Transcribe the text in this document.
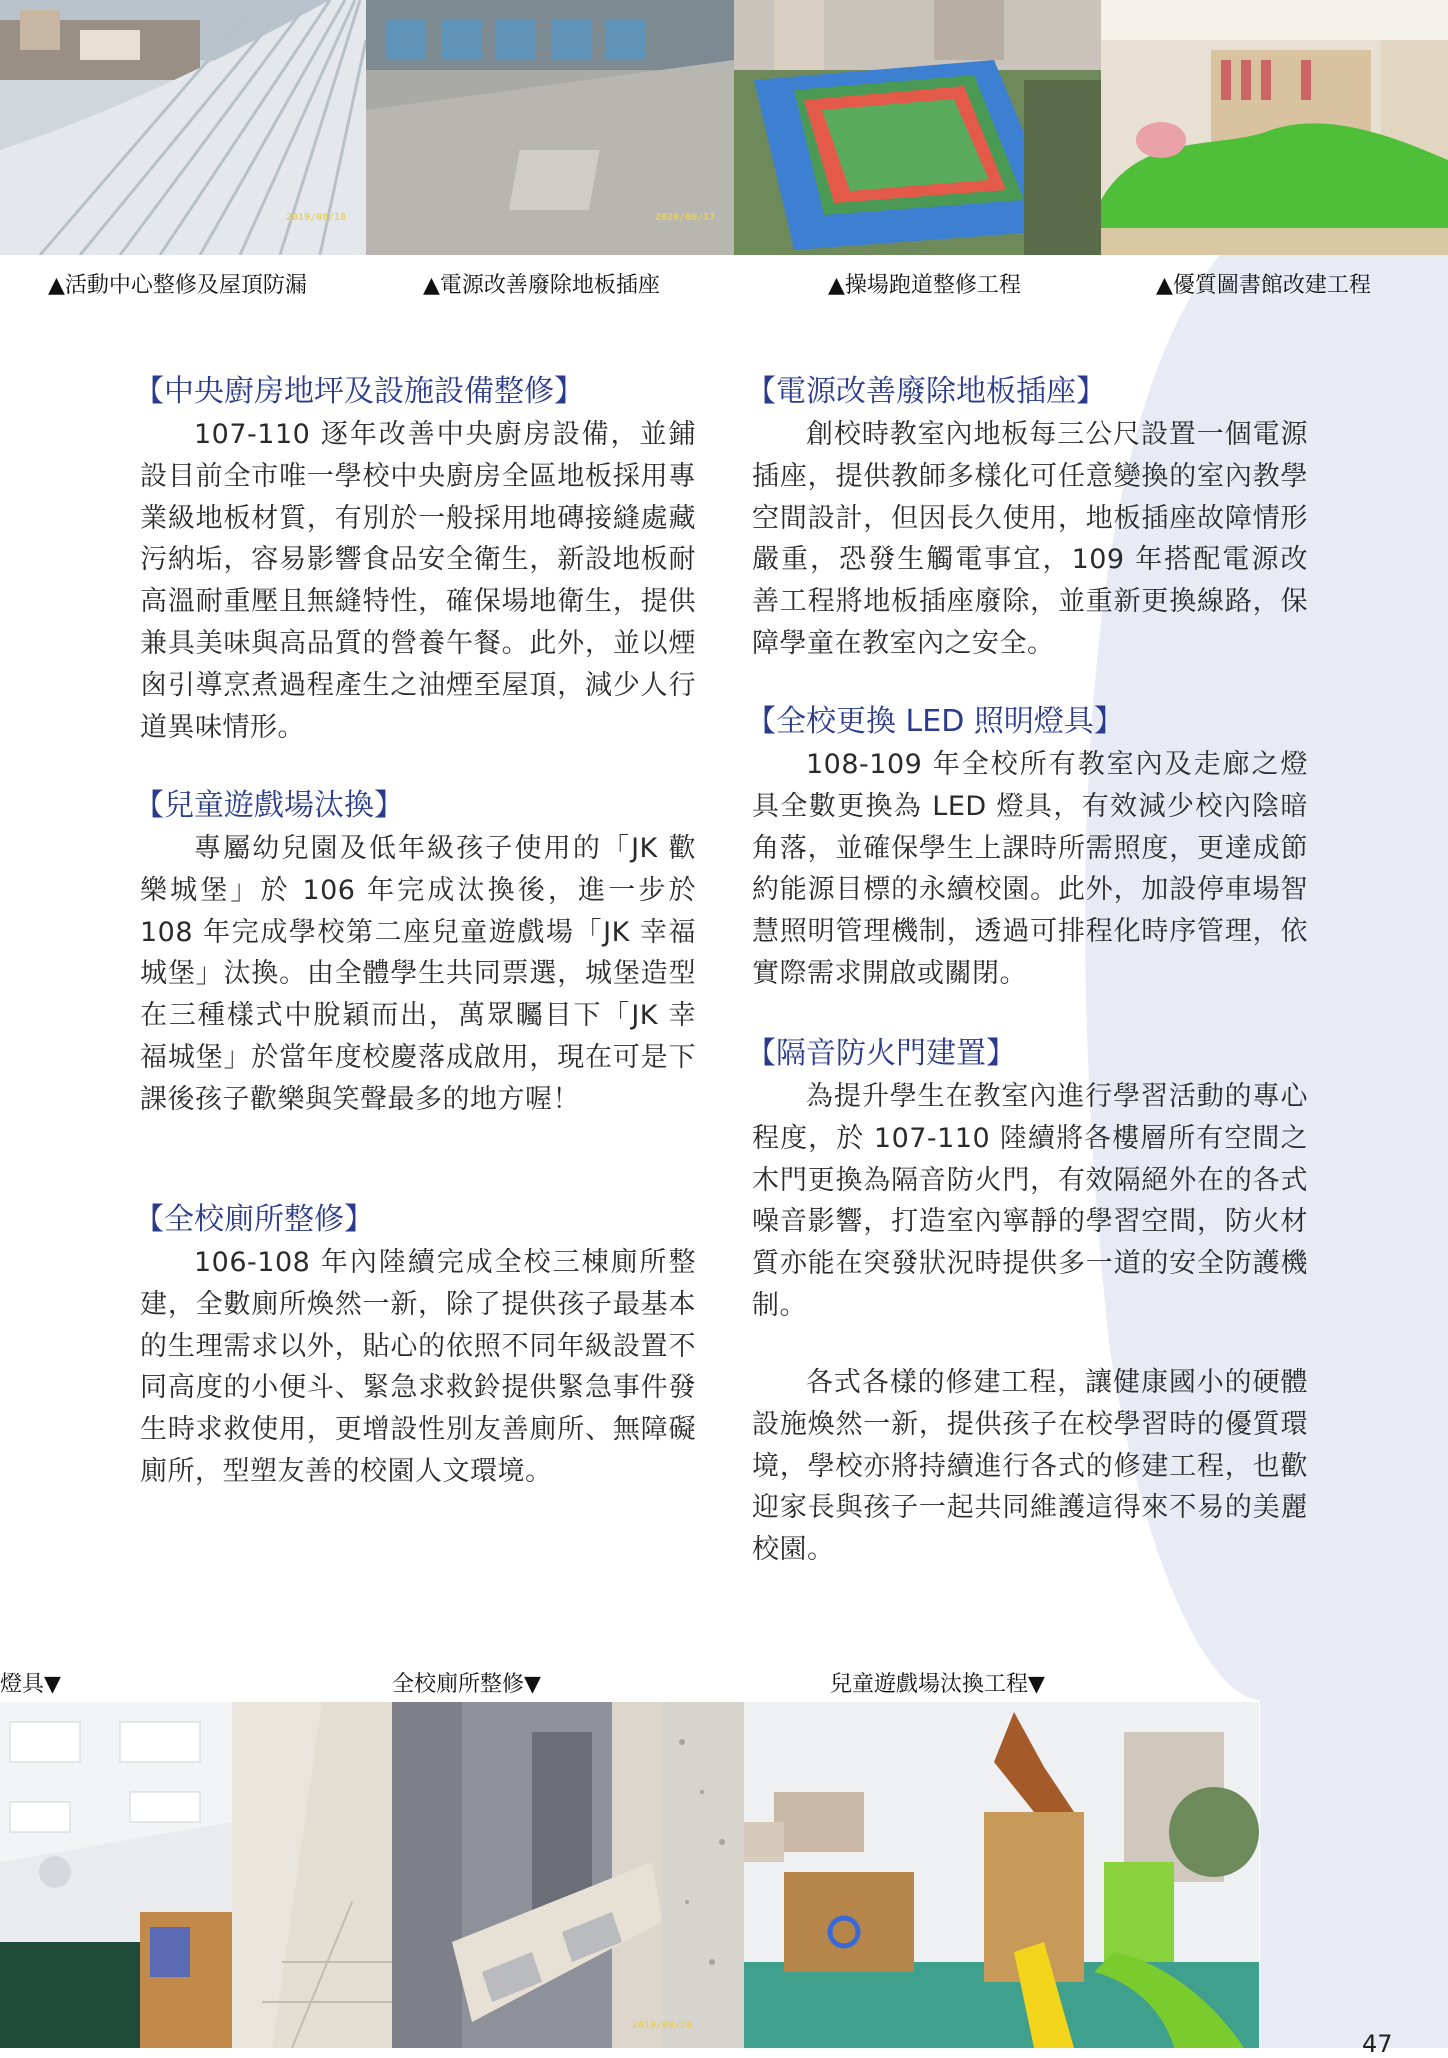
2019/08/18	2020/06/17
▲活動中心整修及屋頂防漏	▲電源改善廢除地板插座	▲操場跑道整修工程	▲優質圖書館改建工程
【中央廚房地坪及設施設備整修】

107-110 逐年改善中央廚房設備，並鋪設目前全市唯一學校中央廚房全區地板採用專業級地板材質，有別於一般採用地磚接縫處藏污納垢，容易影響食品安全衛生，新設地板耐高溫耐重壓且無縫特性，確保場地衛生，提供兼具美味與高品質的營養午餐。此外，並以煙囪引導烹煮過程產生之油煙至屋頂，減少人行道異味情形。

【兒童遊戲場汰換】

專屬幼兒園及低年級孩子使用的「JK 歡樂城堡」於 106 年完成汰換後，進一步於 108 年完成學校第二座兒童遊戲場「JK 幸福城堡」汰換。由全體學生共同票選，城堡造型在三種樣式中脫穎而出，萬眾矚目下「JK 幸福城堡」於當年度校慶落成啟用，現在可是下課後孩子歡樂與笑聲最多的地方喔！

【全校廁所整修】

106-108 年內陸續完成全校三棟廁所整建，全數廁所煥然一新，除了提供孩子最基本的生理需求以外，貼心的依照不同年級設置不同高度的小便斗、緊急求救鈴提供緊急事件發生時求救使用，更增設性別友善廁所、無障礙廁所，型塑友善的校園人文環境。

【電源改善廢除地板插座】

創校時教室內地板每三公尺設置一個電源插座，提供教師多樣化可任意變換的室內教學空間設計，但因長久使用，地板插座故障情形嚴重，恐發生觸電事宜，109 年搭配電源改善工程將地板插座廢除，並重新更換線路，保障學童在教室內之安全。

【全校更換 LED 照明燈具】

108-109 年全校所有教室內及走廊之燈具全數更換為 LED 燈具，有效減少校內陰暗角落，並確保學生上課時所需照度，更達成節約能源目標的永續校園。此外，加設停車場智慧照明管理機制，透過可排程化時序管理，依實際需求開啟或關閉。

【隔音防火門建置】

為提升學生在教室內進行學習活動的專心程度，於 107-110 陸續將各樓層所有空間之木門更換為隔音防火門，有效隔絕外在的各式噪音影響，打造室內寧靜的學習空間，防火材質亦能在突發狀況時提供多一道的安全防護機制。

各式各樣的修建工程，讓健康國小的硬體設施煥然一新，提供孩子在校學習時的優質環境，學校亦將持續進行各式的修建工程，也歡迎家長與孩子一起共同維護這得來不易的美麗校園。

燈具▼	全校廁所整修▼	兒童遊戲場汰換工程▼
2019/09/20
47
